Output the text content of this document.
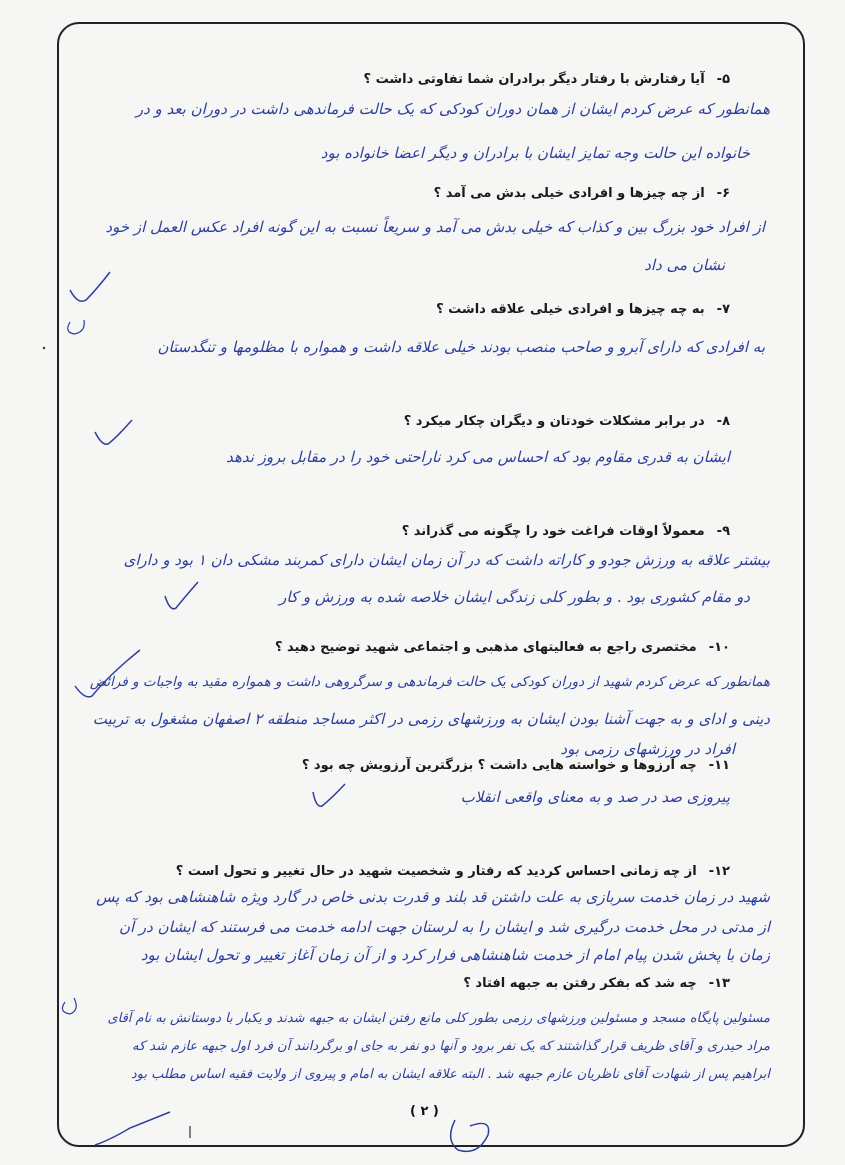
۵-آیا رفتارش با رفتار دیگر برادران شما تفاوتی داشت ؟
همانطور که عرض کردم ایشان از همان دوران کودکی که یک حالت فرماندهی داشت در دوران بعد و در
خانواده این حالت وجه تمایز ایشان با برادران و دیگر اعضا خانواده بود
۶-از چه چیزها و افرادی خیلی بدش می آمد ؟
از افراد خود بزرگ بین و کذاب که خیلی بدش می آمد و سریعاً نسبت به این گونه افراد عکس العمل از خود
نشان می داد
۷-به چه چیزها و افرادی خیلی علاقه داشت ؟
به افرادی که دارای آبرو و صاحب منصب بودند خیلی علاقه داشت و همواره با مظلومها و تنگدستان
۸-در برابر مشکلات خودتان و دیگران چکار میکرد ؟
ایشان به قدری مقاوم بود که احساس می کرد ناراحتی خود را در مقابل بروز ندهد
۹-معمولاً اوقات فراغت خود را چگونه می گذراند ؟
بیشتر علاقه به ورزش جودو و کاراته داشت که در آن زمان ایشان دارای کمربند مشکی دان ۱ بود و دارای
دو مقام کشوری بود . و بطور کلی زندگی ایشان خلاصه شده به ورزش و کار
۱۰-مختصری راجع به فعالیتهای مذهبی و اجتماعی شهید توضیح دهید ؟
همانطور که عرض کردم شهید از دوران کودکی یک حالت فرماندهی و سرگروهی داشت و همواره مقید به واجبات و فرائض
دینی و ادای و به جهت آشنا بودن ایشان به ورزشهای رزمی در اکثر مساجد منطقه ۲ اصفهان مشغول به تربیت
افراد در ورزشهای رزمی بود
۱۱-چه آرزوها و خواسته هایی داشت ؟ بزرگترین آرزویش چه بود ؟
پیروزی صد در صد و به معنای واقعی انقلاب
۱۲-از چه زمانی احساس کردید که رفتار و شخصیت شهید در حال تغییر و تحول است ؟
شهید در زمان خدمت سربازی به علت داشتن قد بلند و قدرت بدنی خاص در گارد ویژه شاهنشاهی بود که پس
از مدتی در محل خدمت درگیری شد و ایشان را به لرستان جهت ادامه خدمت می فرستند که ایشان در آن
زمان با پخش شدن پیام امام از خدمت شاهنشاهی فرار کرد و از آن زمان آغاز تغییر و تحول ایشان بود
۱۳-چه شد که بفکر رفتن به جبهه افتاد ؟
مسئولین پایگاه مسجد و مسئولین ورزشهای رزمی بطور کلی مانع رفتن ایشان به جبهه شدند و یکبار با دوستانش به نام آقای
مراد حیدری و آقای ظریف قرار گذاشتند که یک نفر برود و آنها دو نفر به جای او برگردانند آن فرد اول جبهه عازم شد که
ابراهیم پس از شهادت آقای ناظریان عازم جبهه شد . البته علاقه ایشان به امام و پیروی از ولایت فقیه اساس مطلب بود
( ۲ )
